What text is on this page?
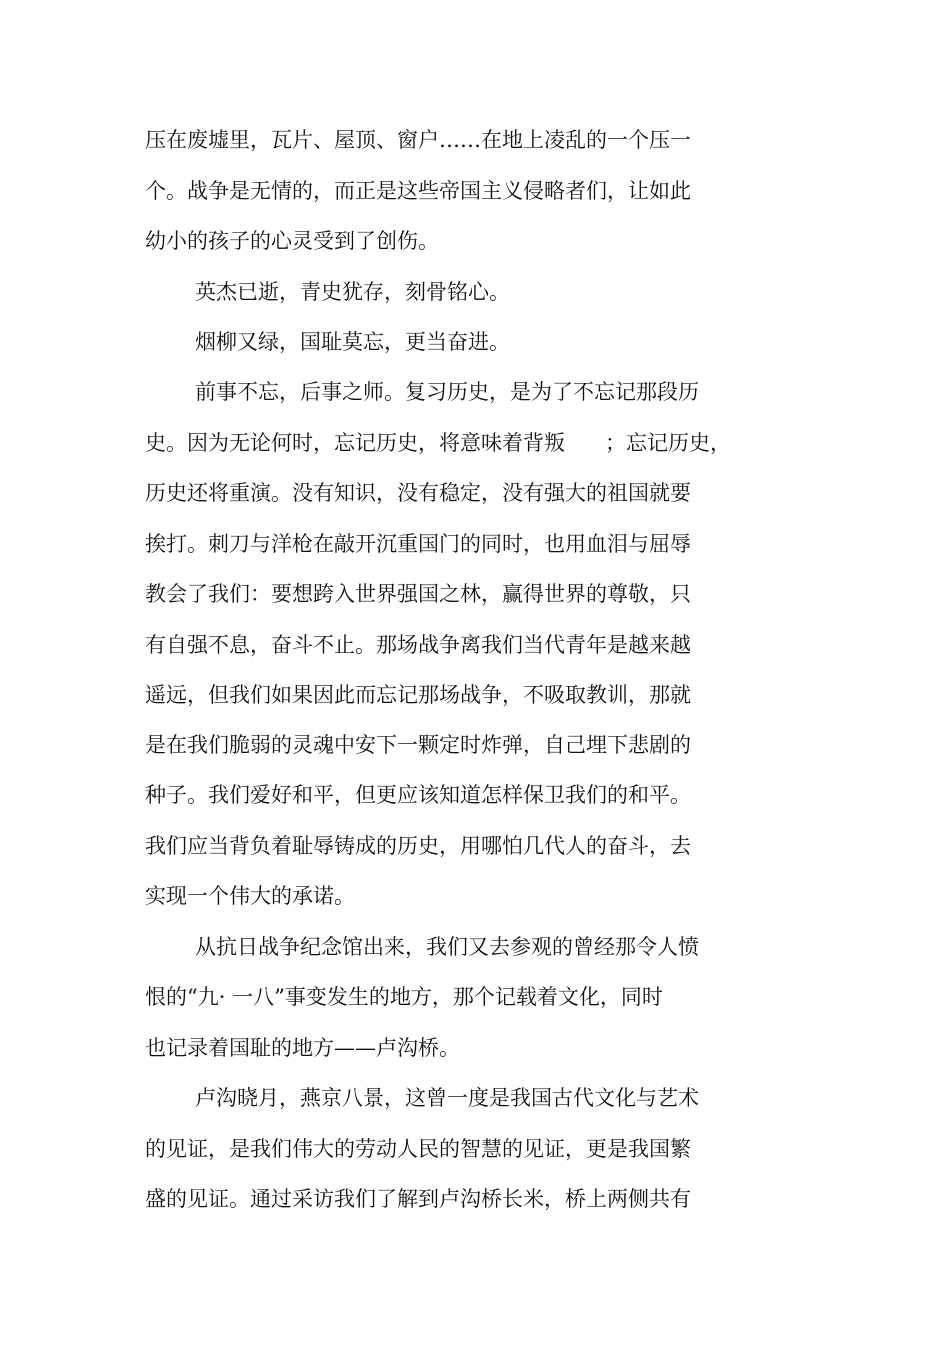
压在废墟里，瓦片、屋顶、窗户……在地上凌乱的一个压一
个。战争是无情的，而正是这些帝国主义侵略者们，让如此
幼小的孩子的心灵受到了创伤。
英杰已逝，青史犹存，刻骨铭心。
烟柳又绿，国耻莫忘，更当奋进。
前事不忘，后事之师。复习历史，是为了不忘记那段历
史。因为无论何时，忘记历史，将意味着背叛      ；忘记历史，
历史还将重演。没有知识，没有稳定，没有强大的祖国就要
挨打。刺刀与洋枪在敲开沉重国门的同时，也用血泪与屈辱
教会了我们：要想跨入世界强国之林，赢得世界的尊敬，只
有自强不息，奋斗不止。那场战争离我们当代青年是越来越
遥远，但我们如果因此而忘记那场战争，不吸取教训，那就
是在我们脆弱的灵魂中安下一颗定时炸弹，自己埋下悲剧的
种子。我们爱好和平，但更应该知道怎样保卫我们的和平。
我们应当背负着耻辱铸成的历史，用哪怕几代人的奋斗，去
实现一个伟大的承诺。
从抗日战争纪念馆出来，我们又去参观的曾经那令人愤
恨的“九· 一八”事变发生的地方，那个记载着文化，同时
也记录着国耻的地方——卢沟桥。
卢沟晓月，燕京八景，这曾一度是我国古代文化与艺术
的见证，是我们伟大的劳动人民的智慧的见证，更是我国繁
盛的见证。通过采访我们了解到卢沟桥长米，桥上两侧共有
